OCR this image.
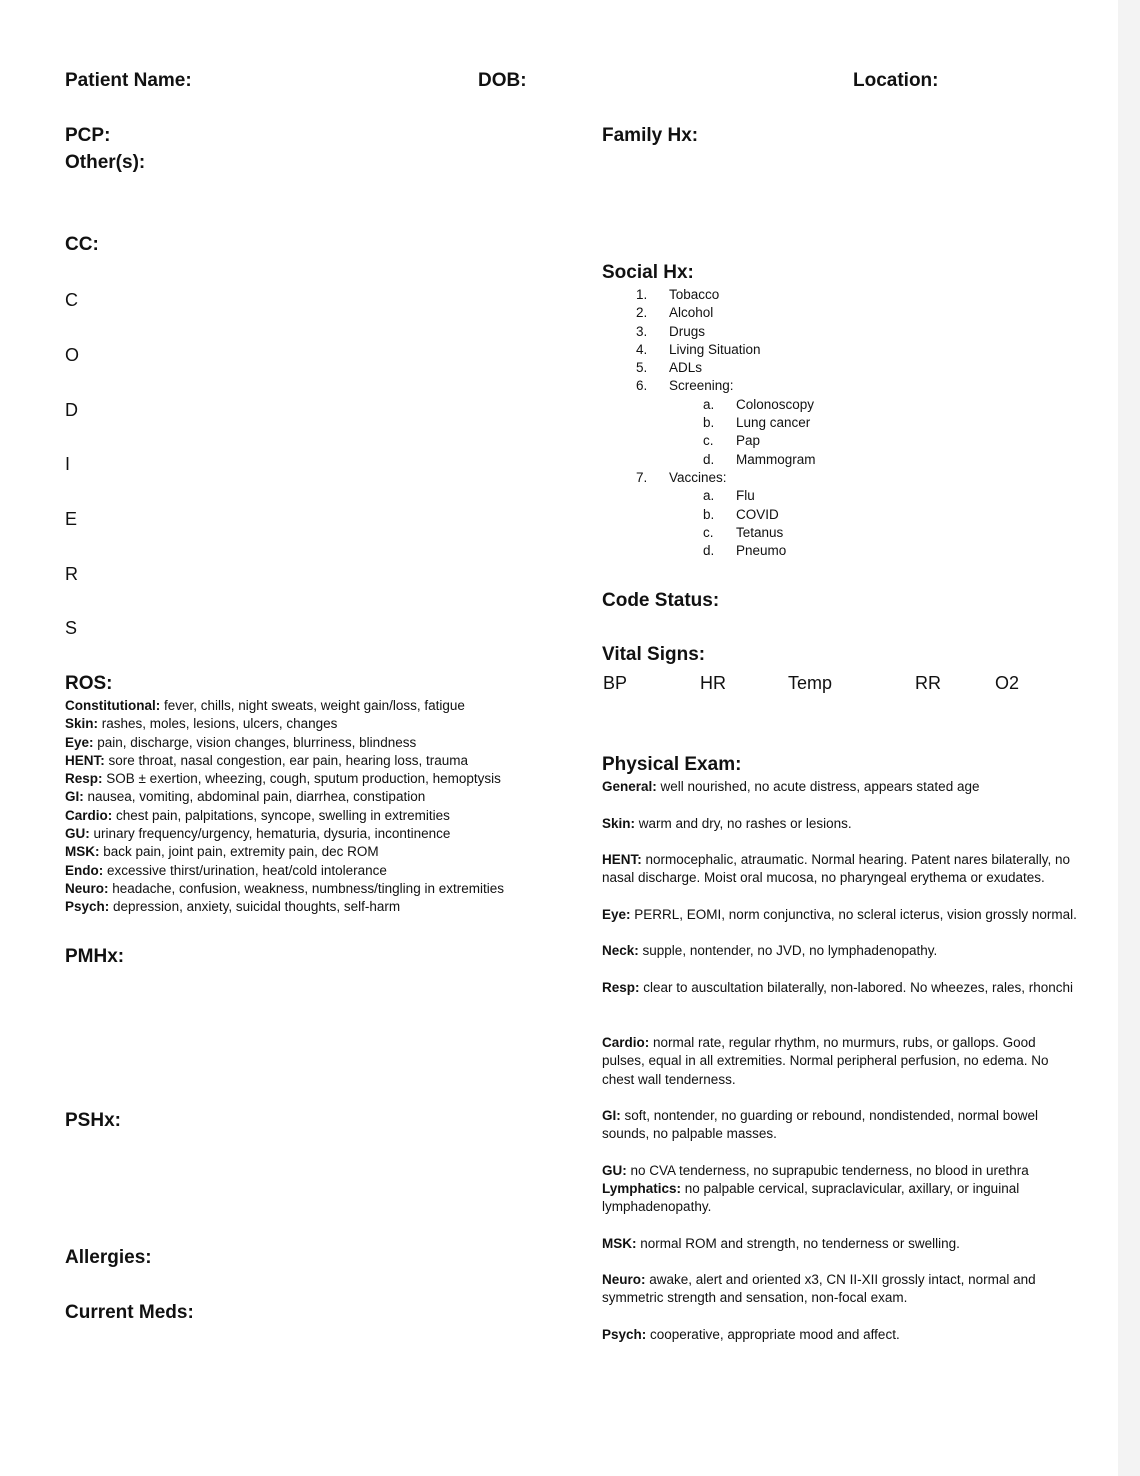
Patient Name:	DOB:	Location:
PCP:
Other(s):
CC:
C
O
D
I
E
R
S
ROS:
Constitutional: fever, chills, night sweats, weight gain/loss, fatigue
Skin: rashes, moles, lesions, ulcers, changes
Eye: pain, discharge, vision changes, blurriness, blindness
HENT: sore throat, nasal congestion, ear pain, hearing loss, trauma
Resp: SOB ± exertion, wheezing, cough, sputum production, hemoptysis
GI: nausea, vomiting, abdominal pain, diarrhea, constipation
Cardio: chest pain, palpitations, syncope, swelling in extremities
GU: urinary frequency/urgency, hematuria, dysuria, incontinence
MSK: back pain, joint pain, extremity pain, dec ROM
Endo: excessive thirst/urination, heat/cold intolerance
Neuro: headache, confusion, weakness, numbness/tingling in extremities
Psych: depression, anxiety, suicidal thoughts, self-harm
PMHx:
PSHx:
Allergies:
Current Meds:
Family Hx:
Social Hx:
1. Tobacco
2. Alcohol
3. Drugs
4. Living Situation
5. ADLs
6. Screening:
a. Colonoscopy
b. Lung cancer
c. Pap
d. Mammogram
7. Vaccines:
a. Flu
b. COVID
c. Tetanus
d. Pneumo
Code Status:
Vital Signs:
BP	HR	Temp	RR	O2
Physical Exam:
General: well nourished, no acute distress, appears stated age
Skin: warm and dry, no rashes or lesions.
HENT: normocephalic, atraumatic. Normal hearing. Patent nares bilaterally, no nasal discharge. Moist oral mucosa, no pharyngeal erythema or exudates.
Eye: PERRL, EOMI, norm conjunctiva, no scleral icterus, vision grossly normal.
Neck: supple, nontender, no JVD, no lymphadenopathy.
Resp: clear to auscultation bilaterally, non-labored. No wheezes, rales, rhonchi
Cardio: normal rate, regular rhythm, no murmurs, rubs, or gallops. Good pulses, equal in all extremities. Normal peripheral perfusion, no edema. No chest wall tenderness.
GI: soft, nontender, no guarding or rebound, nondistended, normal bowel sounds, no palpable masses.
GU: no CVA tenderness, no suprapubic tenderness, no blood in urethra
Lymphatics: no palpable cervical, supraclavicular, axillary, or inguinal lymphadenopathy.
MSK: normal ROM and strength, no tenderness or swelling.
Neuro: awake, alert and oriented x3, CN II-XII grossly intact, normal and symmetric strength and sensation, non-focal exam.
Psych: cooperative, appropriate mood and affect.
